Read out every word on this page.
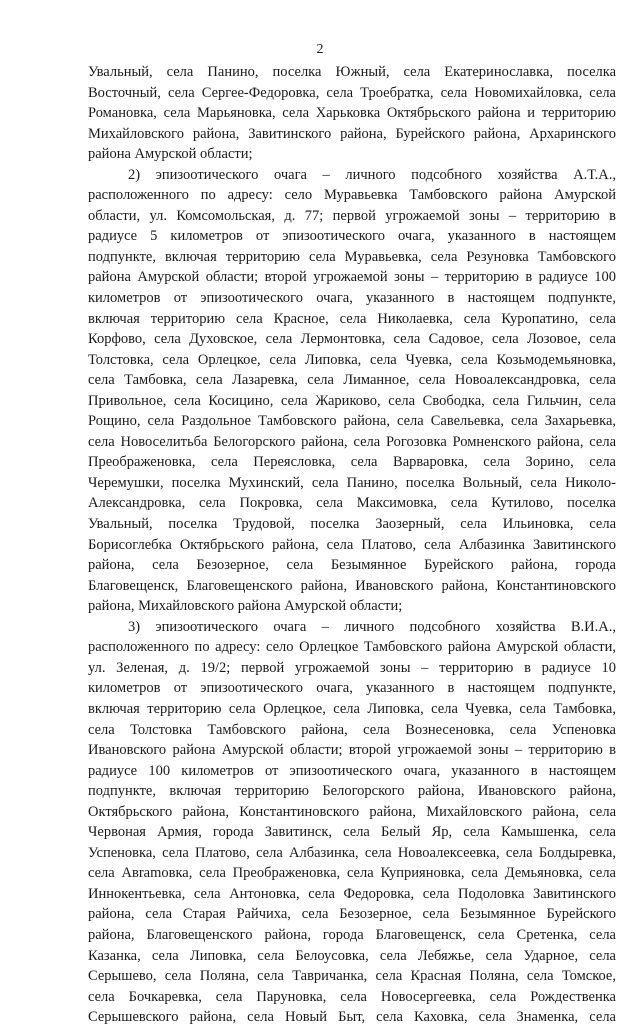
2
Увальный, села Панино, поселка Южный, села Екатеринославка, поселка
Восточный, села Сергее-Федоровка, села Троебратка, села Новомихайловка, села
Романовка, села Марьяновка, села Харьковка Октябрьского района и территорию
Михайловского района, Завитинского района, Бурейского района, Архаринского
района Амурской области;
2) эпизоотического очага – личного подсобного хозяйства А.Т.А.,
расположенного по адресу: село Муравьевка Тамбовского района Амурской
области, ул. Комсомольская, д. 77; первой угрожаемой зоны – территорию в
радиусе 5 километров от эпизоотического очага, указанного в настоящем
подпункте, включая территорию села Муравьевка, села Резуновка Тамбовского
района Амурской области; второй угрожаемой зоны – территорию в радиусе 100
километров от эпизоотического очага, указанного в настоящем подпункте,
включая территорию села Красное, села Николаевка, села Куропатино, села
Корфово, села Духовское, села Лермонтовка, села Садовое, села Лозовое, села
Толстовка, села Орлецкое, села Липовка, села Чуевка, села Козьмодемьяновка,
села Тамбовка, села Лазаревка, села Лиманное, села Новоалександровка, села
Привольное, села Косицино, села Жариково, села Свободка, села Гильчин, села
Рощино, села Раздольное Тамбовского района, села Савельевка, села Захарьевка,
села Новоселитьба Белогорского района, села Рогозовка Ромненского района, села
Преображеновка, села Переясловка, села Варваровка, села Зорино, села
Черемушки, поселка Мухинский, села Панино, поселка Вольный, села Николо-
Александровка, села Покровка, села Максимовка, села Кутилово, поселка
Увальный, поселка Трудовой, поселка Заозерный, села Ильиновка, села
Борисоглебка Октябрьского района, села Платово, села Албазинка Завитинского
района, села Безозерное, села Безымянное Бурейского района, города
Благовещенск, Благовещенского района, Ивановского района, Константиновского
района, Михайловского района Амурской области;
3) эпизоотического очага – личного подсобного хозяйства В.И.А.,
расположенного по адресу: село Орлецкое Тамбовского района Амурской области,
ул. Зеленая, д. 19/2; первой угрожаемой зоны – территорию в радиусе 10
километров от эпизоотического очага, указанного в настоящем подпункте,
включая территорию села Орлецкое, села Липовка, села Чуевка, села Тамбовка,
села Толстовка Тамбовского района, села Вознесеновка, села Успеновка
Ивановского района Амурской области; второй угрожаемой зоны – территорию в
радиусе 100 километров от эпизоотического очага, указанного в настоящем
подпункте, включая территорию Белогорского района, Ивановского района,
Октябрьского района, Константиновского района, Михайловского района, села
Червоная Армия, города Завитинск, села Белый Яр, села Камышенка, села
Успеновка, села Платово, села Албазинка, села Новоалексеевка, села Болдыревка,
села Авramовка, села Преображеновка, села Куприяновка, села Демьяновка, села
Иннокентьевка, села Антоновка, села Федоровка, села Подоловка Завитинского
района, села Старая Райчиха, села Безозерное, села Безымянное Бурейского
района, Благовещенского района, города Благовещенск, села Сретенка, села
Казанка, села Липовка, села Белоусовка, села Лебяжье, села Ударное, села
Серышево, села Поляна, села Тавричанка, села Красная Поляна, села Томское,
села Бочкаревка, села Паруновка, села Новосергеевка, села Рождественка
Серышевского района, села Новый Быт, села Каховка, села Знаменка, села
